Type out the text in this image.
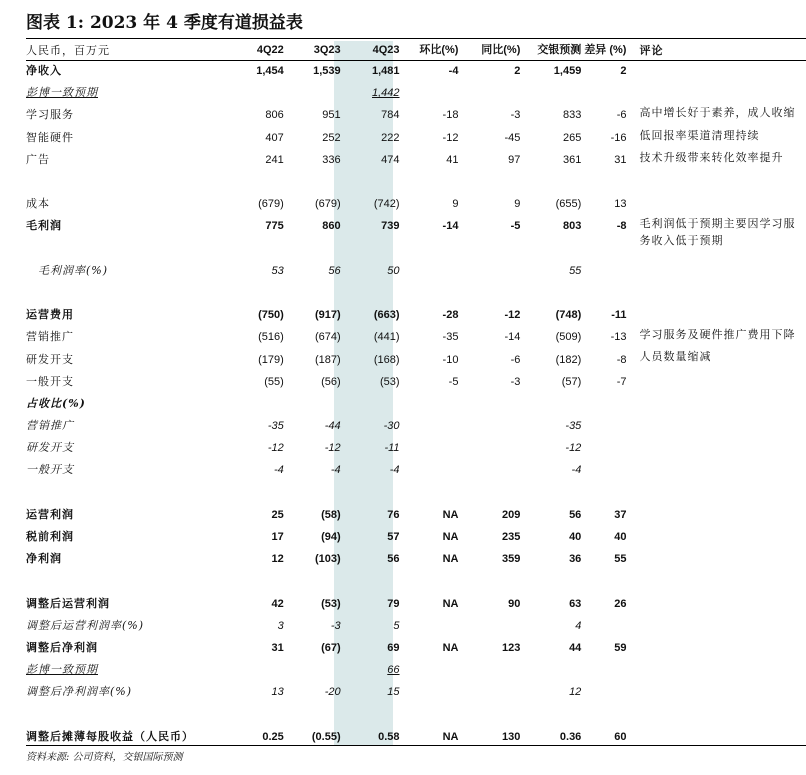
图表 1: 2023 年 4 季度有道损益表
人民币，百万元	4Q22	3Q23	4Q23	环比(%)	同比(%)	交银预测	差异 (%)	评论
净收入	1,454	1,539	1,481	-4	2	1,459	2	
彭博一致预期			1,442					
学习服务	806	951	784	-18	-3	833	-6	高中增长好于素养，成人收缩
智能硬件	407	252	222	-12	-45	265	-16	低回报率渠道清理持续
广告	241	336	474	41	97	361	31	技术升级带来转化效率提升

成本	(679)	(679)	(742)	9	9	(655)	13	
毛利润	775	860	739	-14	-5	803	-8	毛利润低于预期主要因学习服务收入低于预期

毛利润率(%)	53	56	50			55		

运营费用	(750)	(917)	(663)	-28	-12	(748)	-11	
营销推广	(516)	(674)	(441)	-35	-14	(509)	-13	学习服务及硬件推广费用下降
研发开支	(179)	(187)	(168)	-10	-6	(182)	-8	人员数量缩减
一般开支	(55)	(56)	(53)	-5	-3	(57)	-7	
占收比(%)								
营销推广	-35	-44	-30			-35		
研发开支	-12	-12	-11			-12		
一般开支	-4	-4	-4			-4		

运营利润	25	(58)	76	NA	209	56	37	
税前利润	17	(94)	57	NA	235	40	40	
净利润	12	(103)	56	NA	359	36	55	

调整后运营利润	42	(53)	79	NA	90	63	26	
调整后运营利润率(%)	3	-3	5			4		
调整后净利润	31	(67)	69	NA	123	44	59	
彭博一致预期			66					
调整后净利润率(%)	13	-20	15			12		

调整后摊薄每股收益（人民币）	0.25	(0.55)	0.58	NA	130	0.36	60	
资料来源: 公司资料，交银国际预测
